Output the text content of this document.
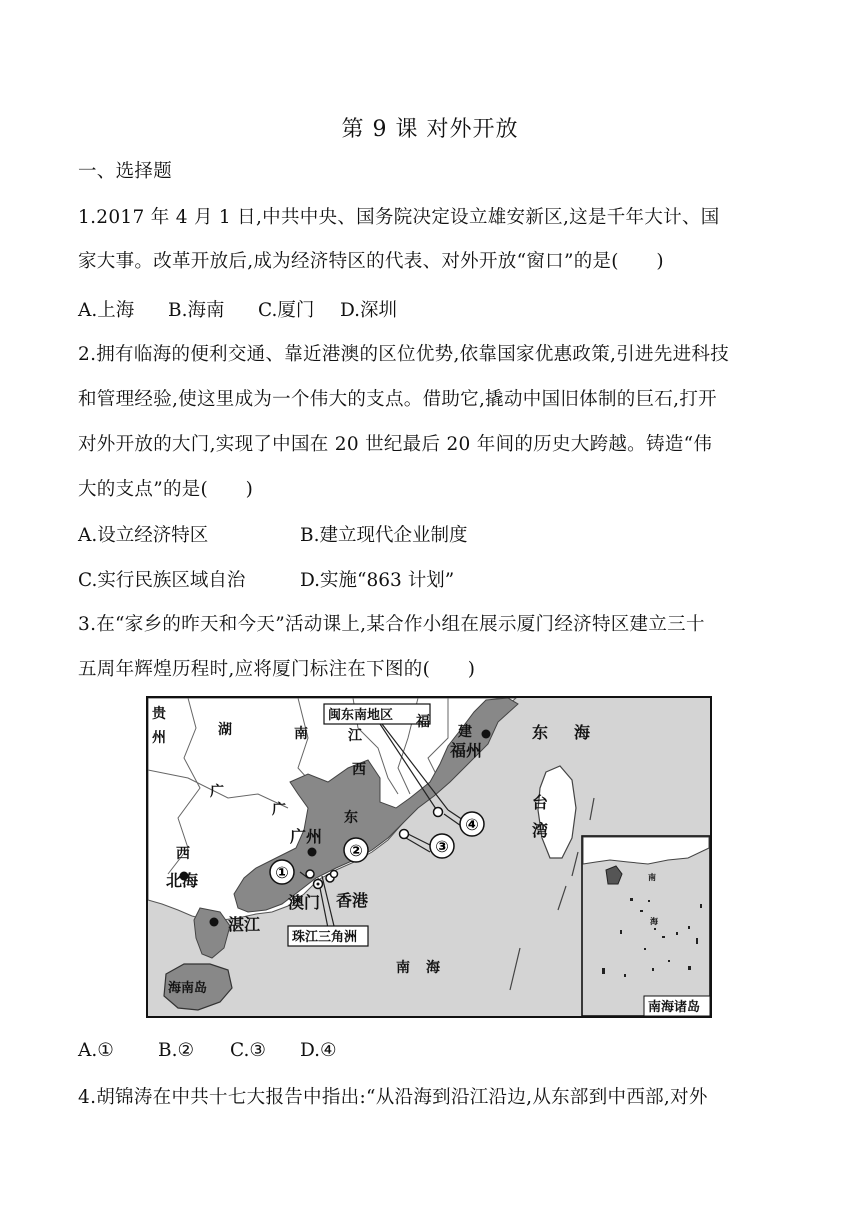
第 9 课 对外开放
一、选择题
1.2017 年 4 月 1 日,中共中央、国务院决定设立雄安新区,这是千年大计、国
家大事。改革开放后,成为经济特区的代表、对外开放“窗口”的是(　　)
A.上海 B.海南 C.厦门 D.深圳
2.拥有临海的便利交通、靠近港澳的区位优势,依靠国家优惠政策,引进先进科技
和管理经验,使这里成为一个伟大的支点。借助它,撬动中国旧体制的巨石,打开
对外开放的大门,实现了中国在 20 世纪最后 20 年间的历史大跨越。铸造“伟
大的支点”的是(　　)
A.设立经济特区	B.建立现代企业制度
C.实行民族区域自治	D.实施“863 计划”
3.在“家乡的昨天和今天”活动课上,某合作小组在展示厦门经济特区建立三十
五周年辉煌历程时,应将厦门标注在下图的(　　)
①
②	③
④
贵
州	湖	南	江
西
福
建
广
西
广	东
南 海
东 海
台
湾
福州
广州
北海
湛江
澳门 香港
海南岛
闽东南地区
珠江三角洲
南海诸岛
南
海
A.① B.② C.③ D.④
4.胡锦涛在中共十七大报告中指出:“从沿海到沿江沿边,从东部到中西部,对外
